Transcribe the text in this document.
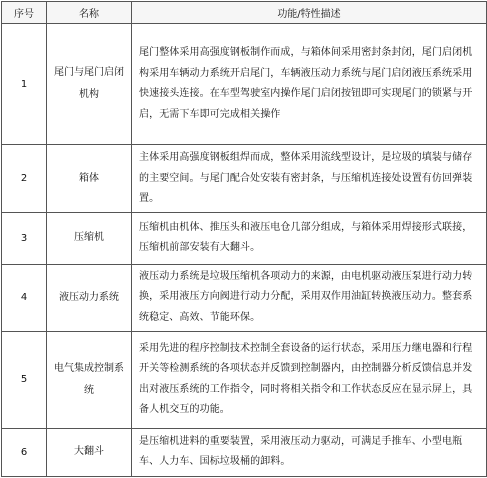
序号	名称	功能/特性描述
1	尾门与尾门启闭机构	尾门整体采用高强度钢板制作而成，与箱体间采用密封条封闭，尾门启闭机构采用车辆动力系统开启尾门，车辆液压动力系统与尾门启闭液压系统采用快速接头连接。在车型驾驶室内操作尾门启闭按钮即可实现尾门的锁紧与开启，无需下车即可完成相关操作
2	箱体	主体采用高强度钢板组焊而成，整体采用流线型设计，是垃圾的填装与储存的主要空间。与尾门配合处安装有密封条，与压缩机连接处设置有仿回弹装置。
3	压缩机	压缩机由机体、推压头和液压电仓几部分组成，与箱体采用焊接形式联接，压缩机前部安装有大翻斗。
4	液压动力系统	液压动力系统是垃圾压缩机各项动力的来源，由电机驱动液压泵进行动力转换，采用液压方向阀进行动力分配，采用双作用油缸转换液压动力。整套系统稳定、高效、节能环保。
5	电气集成控制系统	采用先进的程序控制技术控制全套设备的运行状态，采用压力继电器和行程开关等检测系统的各项状态并反馈到控制器内，由控制器分析反馈信息并发出对液压系统的工作指令，同时将相关指令和工作状态反应在显示屏上，具备人机交互的功能。
6	大翻斗	是压缩机进料的重要装置，采用液压动力驱动，可满足手推车、小型电瓶车、人力车、国标垃圾桶的卸料。
